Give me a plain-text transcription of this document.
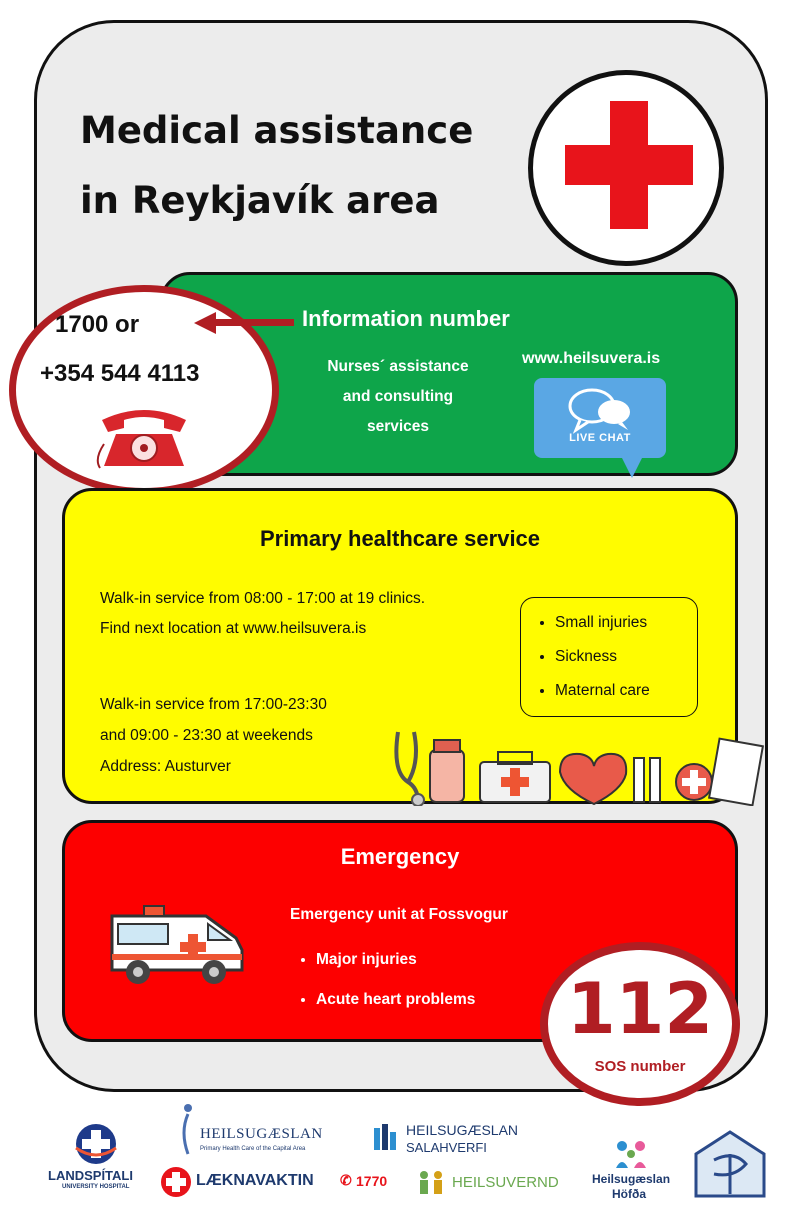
Medical assistance
in Reykjavík area
Information number
Nurses´ assistance and consulting services
www.heilsuvera.is
LIVE CHAT
1700 or
+354 544 4113
Primary healthcare service
Walk-in service from 08:00 - 17:00 at 19 clinics.
Find next location at www.heilsuvera.is
Walk-in service from 17:00-23:30
and 09:00 - 23:30 at weekends
Address: Austurver
• Small injuries
• Sickness
• Maternal care
Emergency
Emergency unit at Fossvogur
• Major injuries
• Acute heart problems 112
SOS number
LANDSPÍTALI
UNIVERSITY HOSPITAL
HEILSUGÆSLAN
Primary Health Care of the Capital Area
HEILSUGÆSLAN
SALAHVERFI
LÆKNAVAKTIN ✆ 1770	HEILSUVERND	Heilsugæslan
Höfða
